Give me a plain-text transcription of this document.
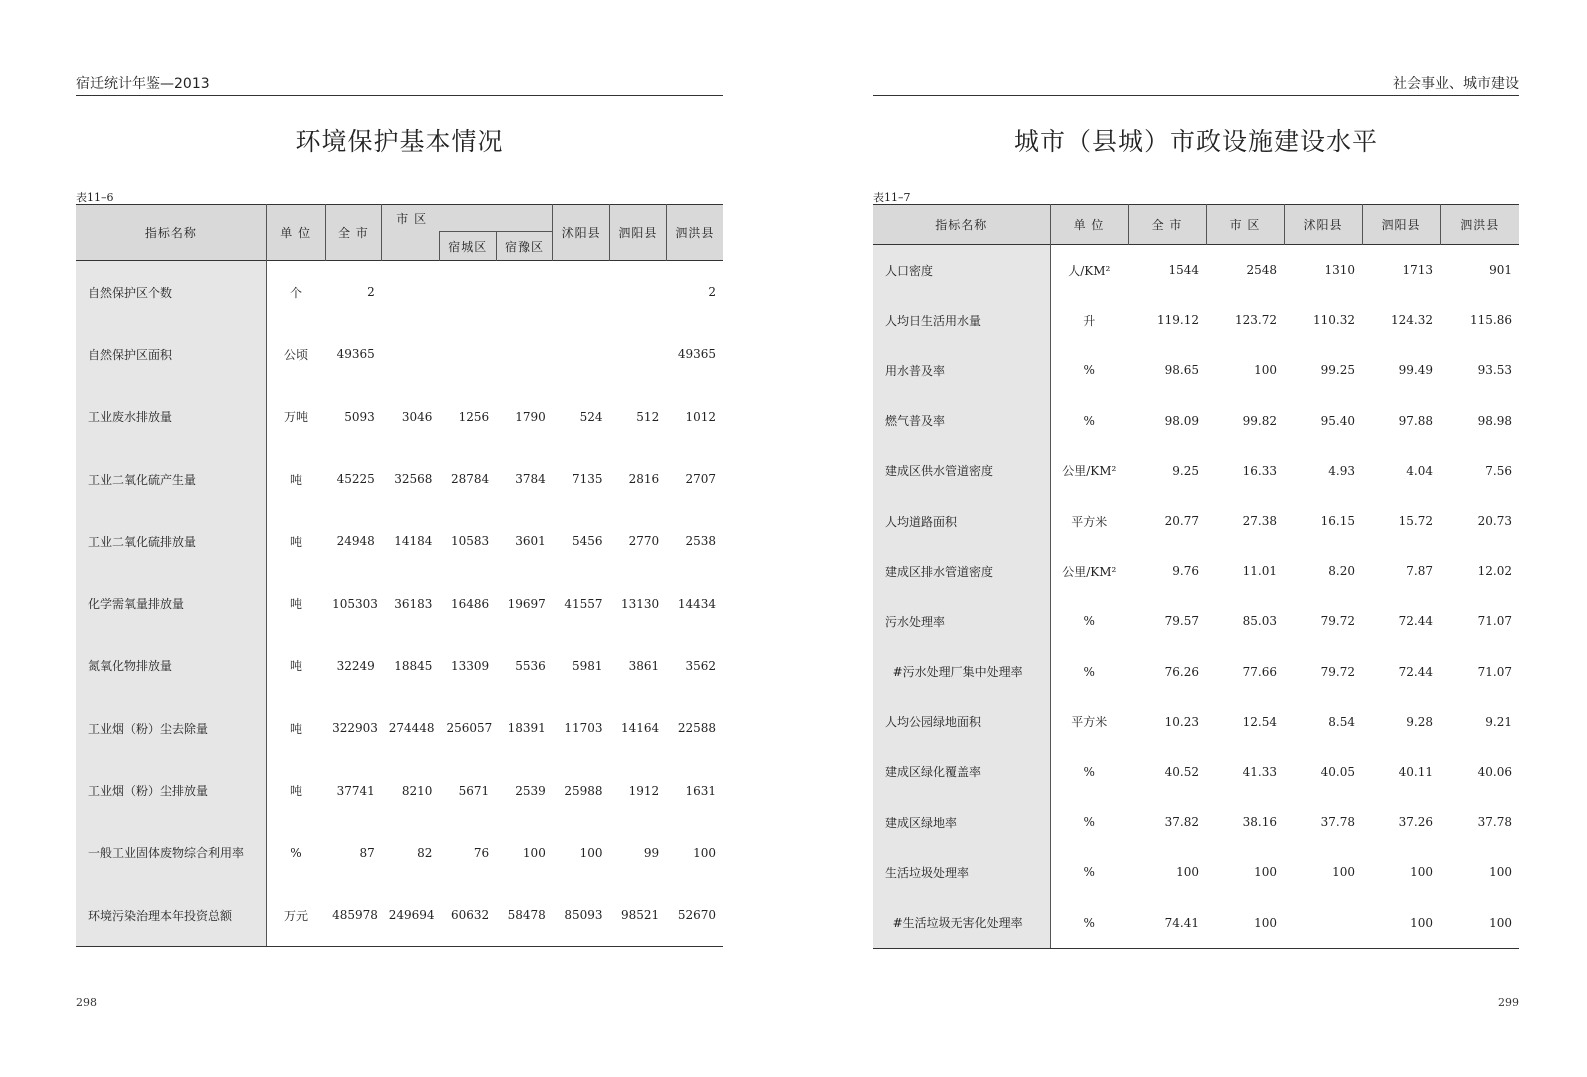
宿迁统计年鉴—2013
环境保护基本情况
表11–6
指标名称	单 位	全 市	市 区			沭阳县	泗阳县	泗洪县
				宿城区	宿豫区			
自然保护区个数	个	2						2
自然保护区面积	公顷	49365						49365
工业废水排放量	万吨	5093	3046	1256	1790	524	512	1012
工业二氧化硫产生量	吨	45225	32568	28784	3784	7135	2816	2707
工业二氧化硫排放量	吨	24948	14184	10583	3601	5456	2770	2538
化学需氧量排放量	吨	105303	36183	16486	19697	41557	13130	14434
氮氧化物排放量	吨	32249	18845	13309	5536	5981	3861	3562
工业烟（粉）尘去除量	吨	322903	274448	256057	18391	11703	14164	22588
工业烟（粉）尘排放量	吨	37741	8210	5671	2539	25988	1912	1631
一般工业固体废物综合利用率	%	87	82	76	100	100	99	100
环境污染治理本年投资总额	万元	485978	249694	60632	58478	85093	98521	52670
298
社会事业、城市建设
城市（县城）市政设施建设水平
表11–7
指标名称	单 位	全 市	市 区	沭阳县	泗阳县	泗洪县
人口密度	人/KM²	1544	2548	1310	1713	901
人均日生活用水量	升	119.12	123.72	110.32	124.32	115.86
用水普及率	%	98.65	100	99.25	99.49	93.53
燃气普及率	%	98.09	99.82	95.40	97.88	98.98
建成区供水管道密度	公里/KM²	9.25	16.33	4.93	4.04	7.56
人均道路面积	平方米	20.77	27.38	16.15	15.72	20.73
建成区排水管道密度	公里/KM²	9.76	11.01	8.20	7.87	12.02
污水处理率	%	79.57	85.03	79.72	72.44	71.07
#污水处理厂集中处理率	%	76.26	77.66	79.72	72.44	71.07
人均公园绿地面积	平方米	10.23	12.54	8.54	9.28	9.21
建成区绿化覆盖率	%	40.52	41.33	40.05	40.11	40.06
建成区绿地率	%	37.82	38.16	37.78	37.26	37.78
生活垃圾处理率	%	100	100	100	100	100
#生活垃圾无害化处理率	%	74.41	100		100	100
299
